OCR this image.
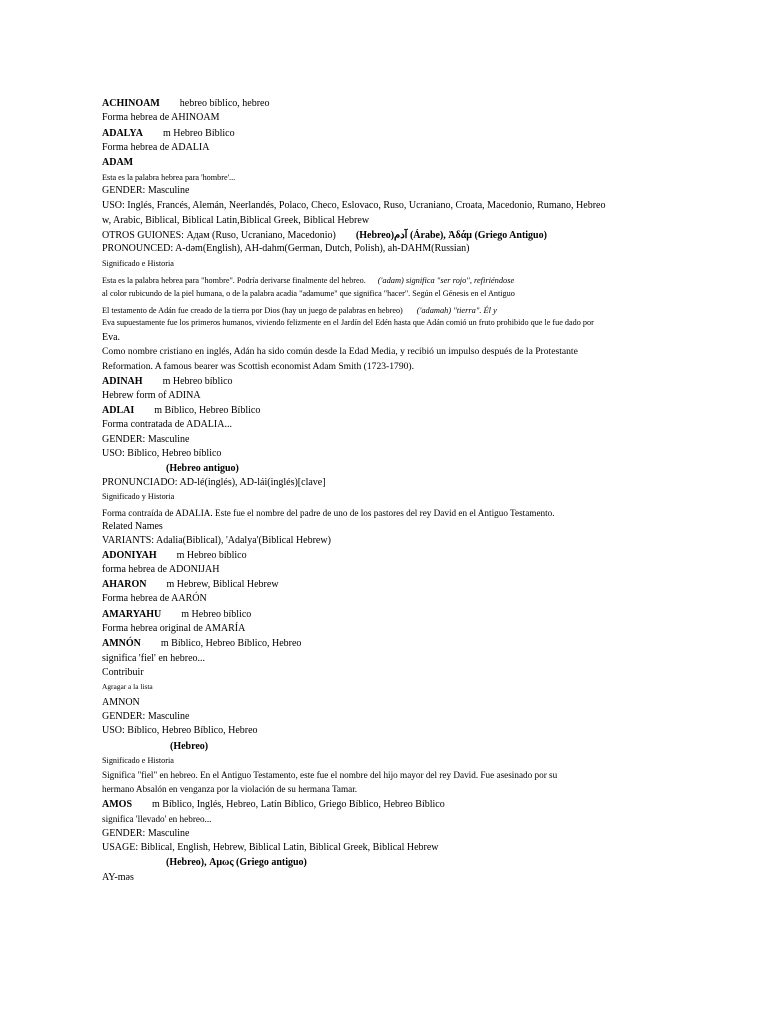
ACHINOAM hebreo bíblico, hebreo
Forma hebrea de AHINOAM
ADALYA m Hebreo Bíblico
Forma hebrea de ADALIA
ADAM
Esta es la palabra hebrea para 'hombre'...
GENDER: Masculine
USO: Inglés, Francés, Alemán, Neerlandés, Polaco, Checo, Eslovaco, Ruso, Ucraniano, Croata, Macedonio, Rumano, Hebreo
w, Arabic, Biblical, Biblical Latin,Biblical Greek, Biblical Hebrew
OTROS GUIONES: Адам (Ruso, Ucraniano, Macedonio) (Hebreo)آدم (Árabe), Ἀδάμ (Griego Antiguo)
PRONOUNCED: A-dəm(English), AH-dahm(German, Dutch, Polish), ah-DAHM(Russian)
Significado e Historia
Esta es la palabra hebrea para "hombre". Podría derivarse finalmente del hebreo. ('adam) significa "ser rojo", refiriéndose
al color rubicundo de la piel humana, o de la palabra acadia "adamume" que significa "hacer". Según el Génesis en el Antiguo
El testamento de Adán fue creado de la tierra por Dios (hay un juego de palabras en hebreo) ('adamah) "tierra". Él y
Eva supuestamente fue los primeros humanos, viviendo felizmente en el Jardín del Edén hasta que Adán comió un fruto prohibido que le fue dado por
Eva.
Como nombre cristiano en inglés, Adán ha sido común desde la Edad Media, y recibió un impulso después de la Protestante
Reformation. A famous bearer was Scottish economist Adam Smith (1723-1790).
ADINAH m Hebreo bíblico
Hebrew form of ADINA
ADLAI m Bíblico, Hebreo Bíblico
Forma contratada de ADALIA...
GENDER: Masculine
USO: Bíblico, Hebreo bíblico
(Hebreo antiguo)
PRONUNCIADO: AD-lé(inglés), AD-lái(inglés)[clave]
Significado y Historia
Forma contraída de ADALIA. Este fue el nombre del padre de uno de los pastores del rey David en el Antiguo Testamento.
Related Names
VARIANTS: Adalia(Biblical), 'Adalya'(Biblical Hebrew)
ADONIYAH m Hebreo bíblico
forma hebrea de ADONIJAH
AHARON m Hebrew, Biblical Hebrew
Forma hebrea de AARÓN
AMARYAHU m Hebreo bíblico
Forma hebrea original de AMARÍA
AMNÓN m Bíblico, Hebreo Bíblico, Hebreo
significa 'fiel' en hebreo...
Contribuir
Agragar a la lista
AMNON
GENDER: Masculine
USO: Bíblico, Hebreo Bíblico, Hebreo
(Hebreo)
Significado e Historia
Significa "fiel" en hebreo. En el Antiguo Testamento, este fue el nombre del hijo mayor del rey David. Fue asesinado por su
hermano Absalón en venganza por la violación de su hermana Tamar.
AMOS m Bíblico, Inglés, Hebreo, Latín Bíblico, Griego Bíblico, Hebreo Bíblico
significa 'llevado' en hebreo...
GENDER: Masculine
USAGE: Biblical, English, Hebrew, Biblical Latin, Biblical Greek, Biblical Hebrew
(Hebreo), Αμως (Griego antiguo)
AY-məs
